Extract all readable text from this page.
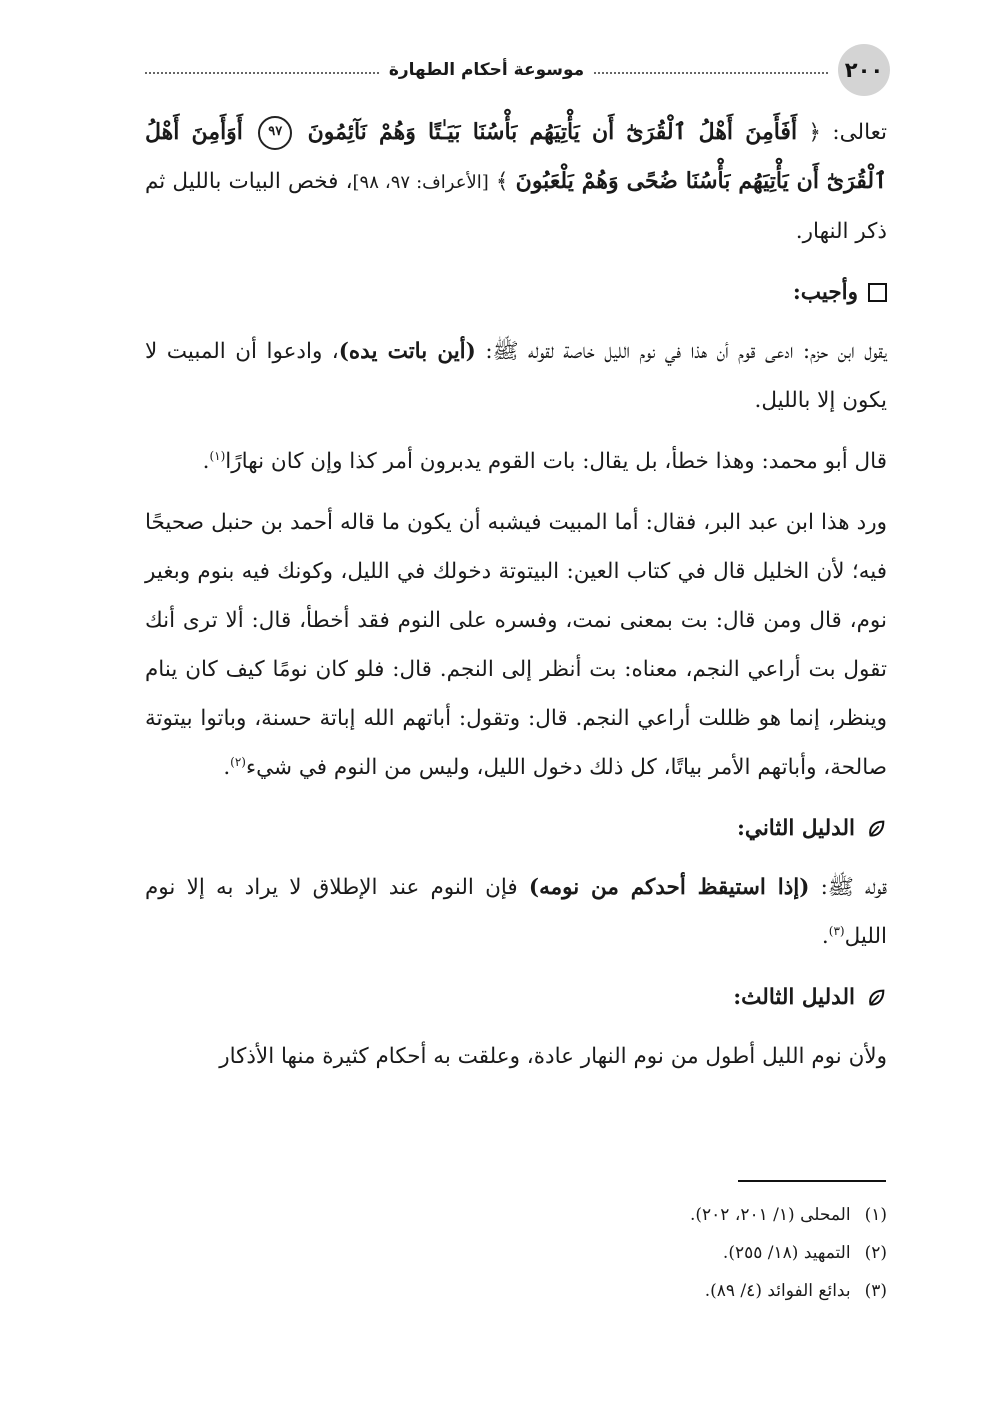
٢٠٠
موسوعة أحكام الطهارة

تعالى: ﴿ أَفَأَمِنَ أَهْلُ ٱلْقُرَىٰٓ أَن يَأْتِيَهُم بَأْسُنَا بَيَـٰتًا وَهُمْ نَآئِمُونَ ٩٧ أَوَأَمِنَ أَهْلُ ٱلْقُرَىٰٓ أَن يَأْتِيَهُم بَأْسُنَا ضُحًى وَهُمْ يَلْعَبُونَ ﴾ [الأعراف: ٩٧، ٩٨]، فخص البيات بالليل ثم ذكر النهار.

وأجيب:

يقول ابن حزم: ادعى قوم أن هذا في نوم الليل خاصة لقوله ﷺ: (أين باتت يده)، وادعوا أن المبيت لا يكون إلا بالليل.

قال أبو محمد: وهذا خطأ، بل يقال: بات القوم يدبرون أمر كذا وإن كان نهارًا$^{(١)}$.

ورد هذا ابن عبد البر، فقال: أما المبيت فيشبه أن يكون ما قاله أحمد بن حنبل صحيحًا فيه؛ لأن الخليل قال في كتاب العين: البيتوتة دخولك في الليل، وكونك فيه بنوم وبغير نوم، قال ومن قال: بت بمعنى نمت، وفسره على النوم فقد أخطأ، قال: ألا ترى أنك تقول بت أراعي النجم، معناه: بت أنظر إلى النجم. قال: فلو كان نومًا كيف كان ينام وينظر، إنما هو ظللت أراعي النجم. قال: وتقول: أباتهم الله إباتة حسنة، وباتوا بيتوتة صالحة، وأباتهم الأمر بياتًا، كل ذلك دخول الليل، وليس من النوم في شيء$^{(٢)}$.

الدليل الثاني:

قوله ﷺ: (إذا استيقظ أحدكم من نومه) فإن النوم عند الإطلاق لا يراد به إلا نوم الليل$^{(٣)}$.

الدليل الثالث:

ولأن نوم الليل أطول من نوم النهار عادة، وعلقت به أحكام كثيرة منها الأذكار

(١)
المحلى (١/ ٢٠١، ٢٠٢).
(٢)
التمهيد (١٨/ ٢٥٥).
(٣)
بدائع الفوائد (٤/ ٨٩).
